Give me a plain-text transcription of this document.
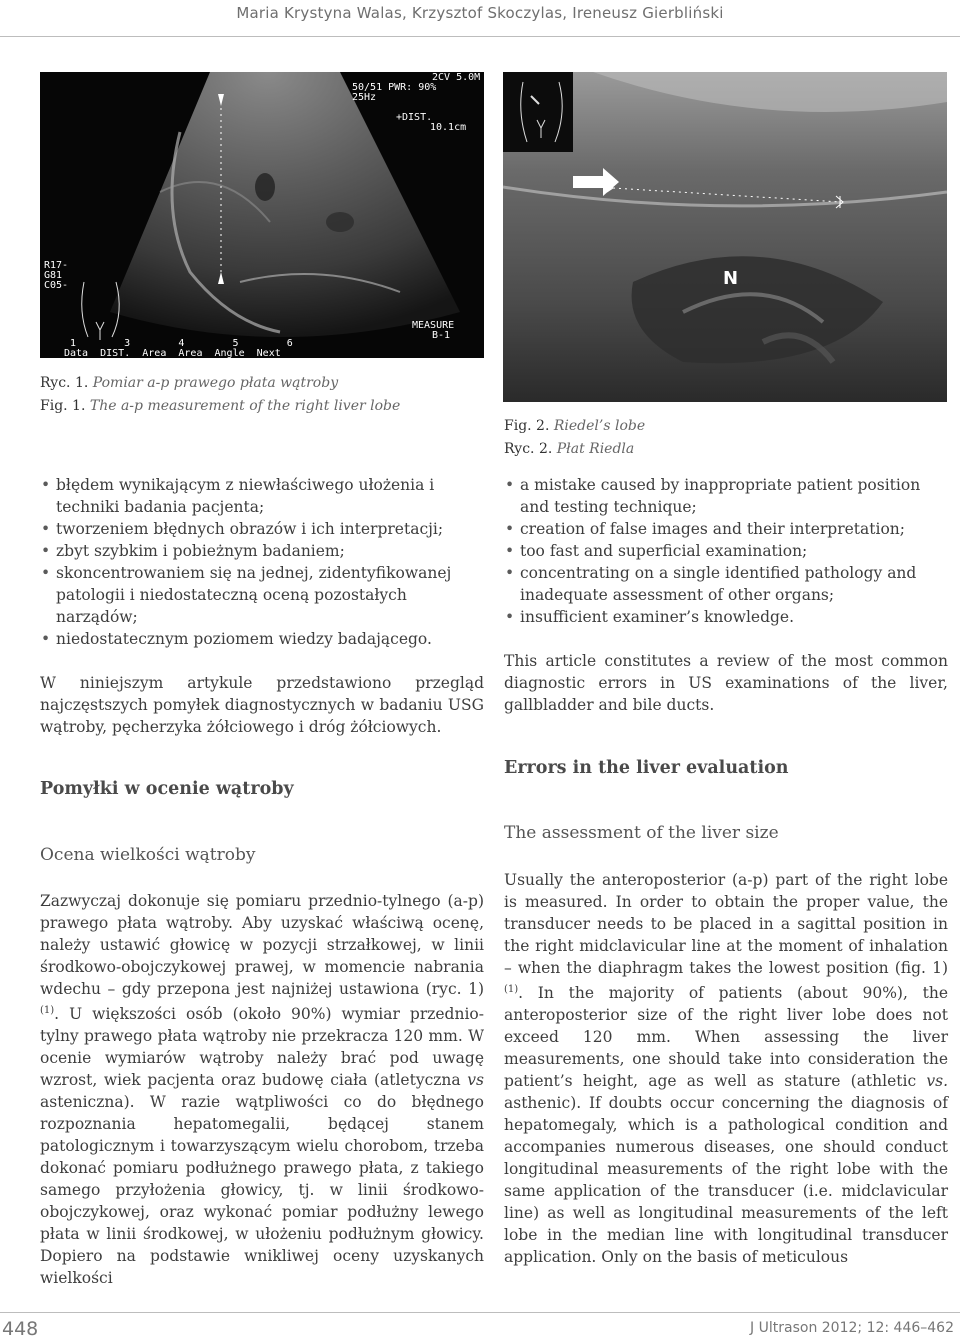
Maria Krystyna Walas, Krzysztof Skoczylas, Ireneusz Gierbliński
2CV 5.0M
50/51 PWR: 90%
25Hz
+DIST.
10.1cm
R17-
G81
C05-
MEASURE
B-1
1        3        4        5        6
Data  DIST.  Area  Area  Angle  Next
Ryc. 1. Pomiar a-p prawego płata wątroby
Fig. 1. The a-p measurement of the right liver lobe
N
Fig. 2. Riedel’s lobe
Ryc. 2. Płat Riedla
• błędem wynikającym z niewłaściwego ułożenia i techniki badania pacjenta;
• tworzeniem błędnych obrazów i ich interpretacji;
• zbyt szybkim i pobieżnym badaniem;
• skoncentrowaniem się na jednej, zidentyfikowanej patologii i niedostateczną oceną pozostałych narządów;
• niedostatecznym poziomem wiedzy badającego.

W niniejszym artykule przedstawiono przegląd najczęstszych pomyłek diagnostycznych w badaniu USG wątroby, pęcherzyka żółciowego i dróg żółciowych.

Pomyłki w ocenie wątroby
Ocena wielkości wątroby
Zazwyczaj dokonuje się pomiaru przednio-tylnego (a-p) prawego płata wątroby. Aby uzyskać właściwą ocenę, należy ustawić głowicę w pozycji strzałkowej, w linii środkowo-obojczykowej prawej, w momencie nabrania wdechu – gdy przepona jest najniżej ustawiona (ryc. 1)$^{(1)}$. U większości osób (około 90%) wymiar przednio-tylny prawego płata wątroby nie przekracza 120 mm. W ocenie wymiarów wątroby należy brać pod uwagę wzrost, wiek pacjenta oraz budowę ciała (atletyczna vs asteniczna). W razie wątpliwości co do błędnego rozpoznania hepatomegalii, będącej stanem patologicznym i towarzyszącym wielu chorobom, trzeba dokonać pomiaru podłużnego prawego płata, z takiego samego przyłożenia głowicy, tj. w linii środkowo-obojczykowej, oraz wykonać pomiar podłużny lewego płata w linii środkowej, w ułożeniu podłużnym głowicy. Dopiero na podstawie wnikliwej oceny uzyskanych wielkości
• a mistake caused by inappropriate patient position and testing technique;
• creation of false images and their interpretation;
• too fast and superficial examination;
• concentrating on a single identified pathology and inadequate assessment of other organs;
• insufficient examiner’s knowledge.

This article constitutes a review of the most common diagnostic errors in US examinations of the liver, gallbladder and bile ducts.

Errors in the liver evaluation
The assessment of the liver size
Usually the anteroposterior (a-p) part of the right lobe is measured. In order to obtain the proper value, the transducer needs to be placed in a sagittal position in the right midclavicular line at the moment of inhalation – when the diaphragm takes the lowest position (fig. 1)$^{(1)}$. In the majority of patients (about 90%), the anteroposterior size of the right liver lobe does not exceed 120 mm. When assessing the liver measurements, one should take into consideration the patient’s height, age as well as stature (athletic vs. asthenic). If doubts occur concerning the diagnosis of hepatomegaly, which is a pathological condition and accompanies numerous diseases, one should conduct longitudinal measurements of the right lobe with the same application of the transducer (i.e. midclavicular line) as well as longitudinal measurements of the left lobe in the median line with longitudinal transducer application. Only on the basis of meticulous
448	J Ultrason 2012; 12: 446–462
